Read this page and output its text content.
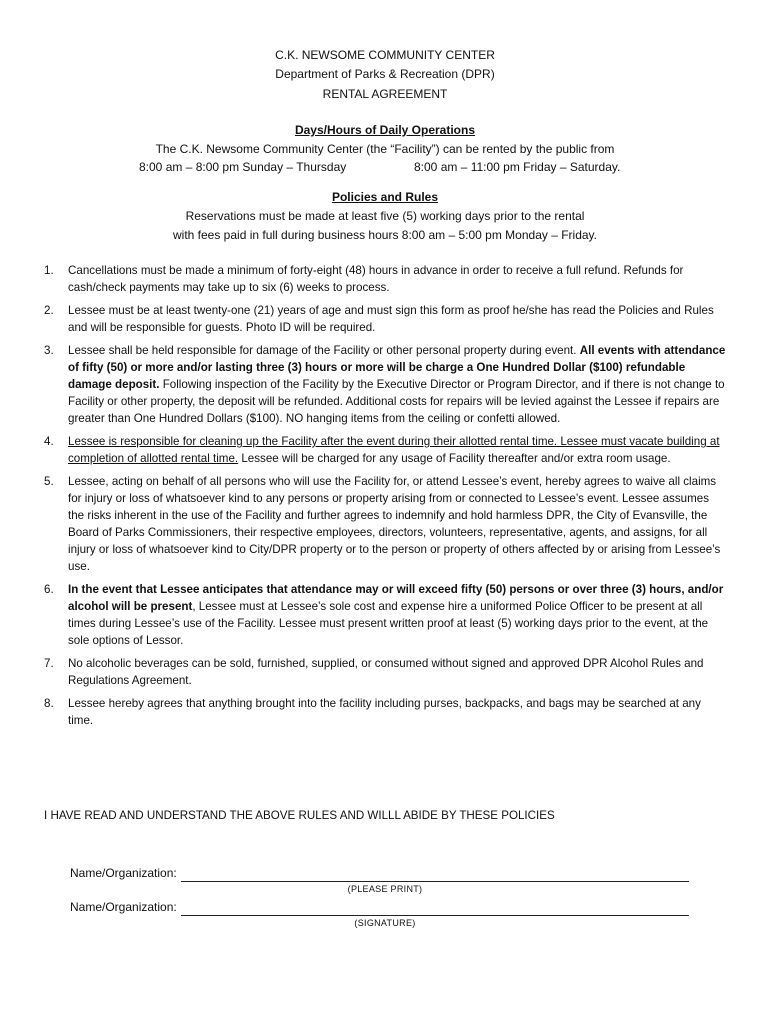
C.K. NEWSOME COMMUNITY CENTER
Department of Parks & Recreation (DPR)
RENTAL AGREEMENT
Days/Hours of Daily Operations
The C.K. Newsome Community Center (the “Facility”) can be rented by the public from
8:00 am – 8:00 pm Sunday – Thursday	8:00 am – 11:00 pm Friday – Saturday.
Policies and Rules
Reservations must be made at least five (5) working days prior to the rental
with fees paid in full during business hours 8:00 am – 5:00 pm Monday – Friday.
1. Cancellations must be made a minimum of forty-eight (48) hours in advance in order to receive a full refund. Refunds for cash/check payments may take up to six (6) weeks to process.
2. Lessee must be at least twenty-one (21) years of age and must sign this form as proof he/she has read the Policies and Rules and will be responsible for guests. Photo ID will be required.
3. Lessee shall be held responsible for damage of the Facility or other personal property during event. All events with attendance of fifty (50) or more and/or lasting three (3) hours or more will be charge a One Hundred Dollar ($100) refundable damage deposit. Following inspection of the Facility by the Executive Director or Program Director, and if there is not change to Facility or other property, the deposit will be refunded. Additional costs for repairs will be levied against the Lessee if repairs are greater than One Hundred Dollars ($100). NO hanging items from the ceiling or confetti allowed.
4. Lessee is responsible for cleaning up the Facility after the event during their allotted rental time. Lessee must vacate building at completion of allotted rental time. Lessee will be charged for any usage of Facility thereafter and/or extra room usage.
5. Lessee, acting on behalf of all persons who will use the Facility for, or attend Lessee’s event, hereby agrees to waive all claims for injury or loss of whatsoever kind to any persons or property arising from or connected to Lessee’s event. Lessee assumes the risks inherent in the use of the Facility and further agrees to indemnify and hold harmless DPR, the City of Evansville, the Board of Parks Commissioners, their respective employees, directors, volunteers, representative, agents, and assigns, for all injury or loss of whatsoever kind to City/DPR property or to the person or property of others affected by or arising from Lessee’s use.
6. In the event that Lessee anticipates that attendance may or will exceed fifty (50) persons or over three (3) hours, and/or alcohol will be present, Lessee must at Lessee’s sole cost and expense hire a uniformed Police Officer to be present at all times during Lessee’s use of the Facility. Lessee must present written proof at least (5) working days prior to the event, at the sole options of Lessor.
7. No alcoholic beverages can be sold, furnished, supplied, or consumed without signed and approved DPR Alcohol Rules and Regulations Agreement.
8. Lessee hereby agrees that anything brought into the facility including purses, backpacks, and bags may be searched at any time.
I HAVE READ AND UNDERSTAND THE ABOVE RULES AND WILLL ABIDE BY THESE POLICIES
Name/Organization:
(PLEASE PRINT)
Name/Organization:
(SIGNATURE)
